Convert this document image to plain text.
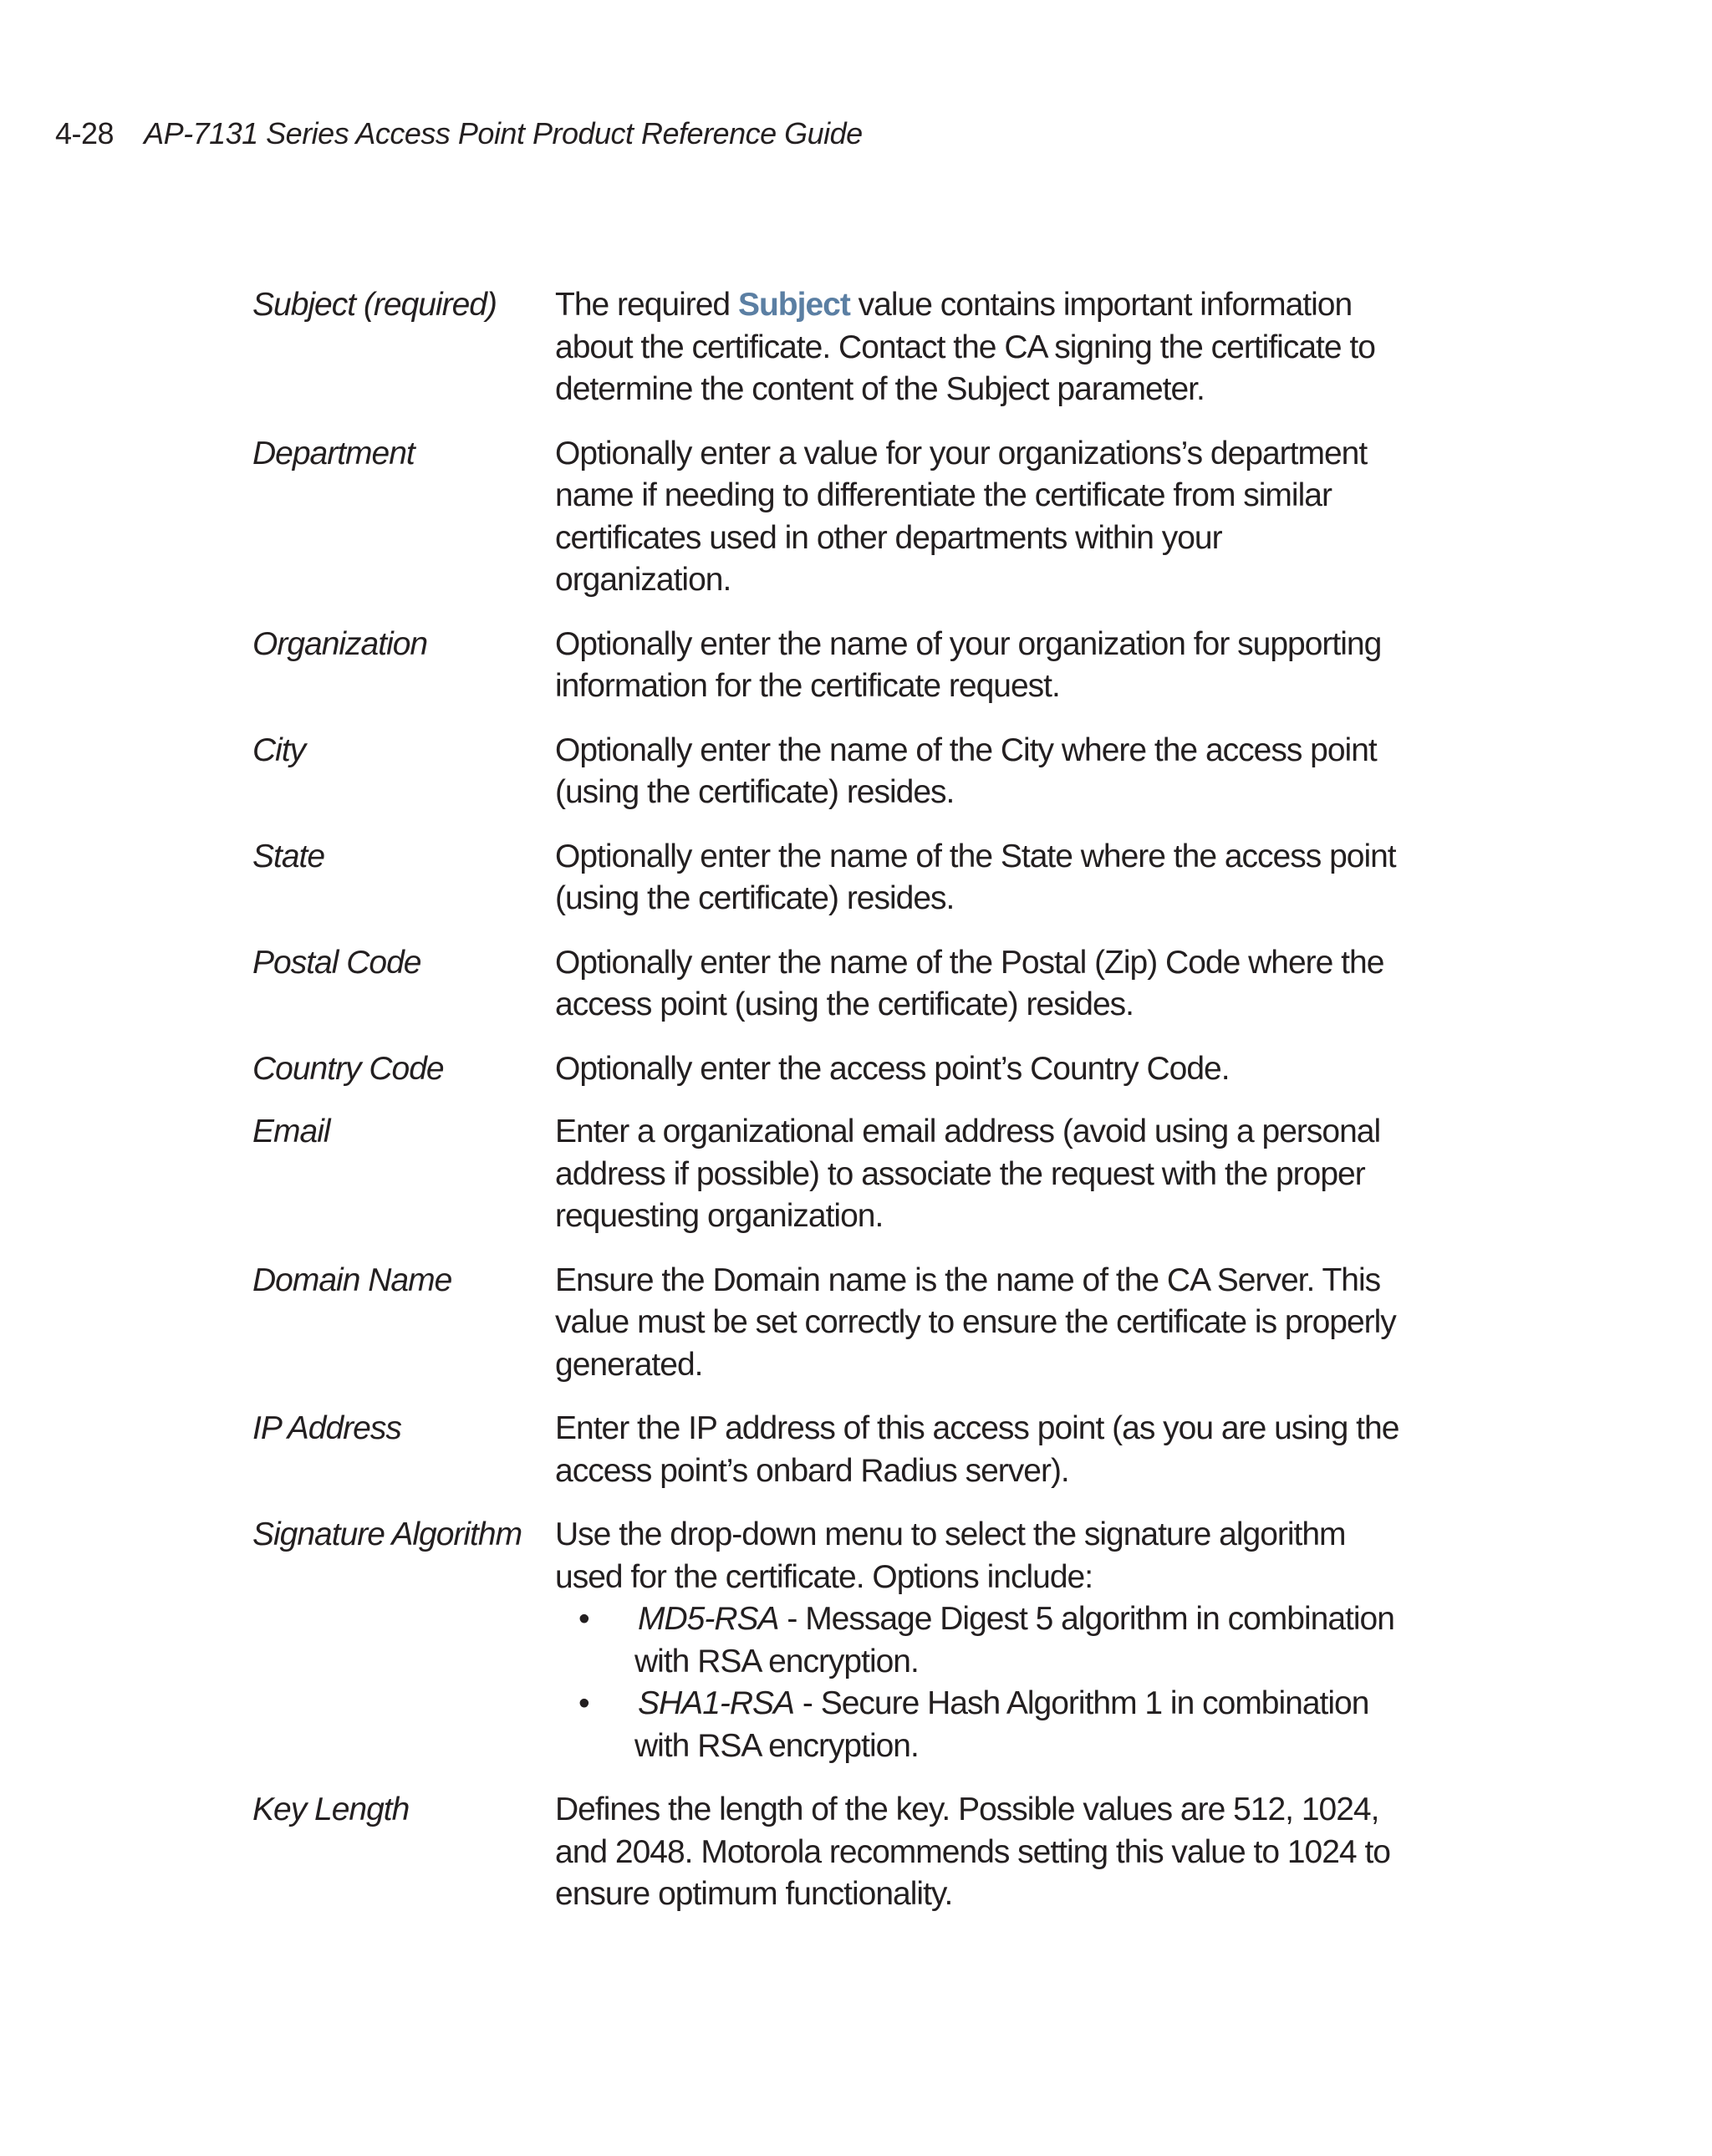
4-28 AP-7131 Series Access Point Product Reference Guide
Subject (required)	The required Subject value contains important information about the certificate. Contact the CA signing the certificate to determine the content of the Subject parameter.

Department	Optionally enter a value for your organizations’s department name if needing to differentiate the certificate from similar certificates used in other departments within your organization.
Organization	Optionally enter the name of your organization for supporting information for the certificate request.
City	Optionally enter the name of the City where the access point (using the certificate) resides.
State	Optionally enter the name of the State where the access point (using the certificate) resides.
Postal Code	Optionally enter the name of the Postal (Zip) Code where the access point (using the certificate) resides.
Country Code	Optionally enter the access point’s Country Code.
Email	Enter a organizational email address (avoid using a personal address if possible) to associate the request with the proper requesting organization.
Domain Name	Ensure the Domain name is the name of the CA Server. This value must be set correctly to ensure the certificate is properly generated.
IP Address	Enter the IP address of this access point (as you are using the access point’s onbard Radius server).
Signature Algorithm	Use the drop-down menu to select the signature algorithm used for the certificate. Options include:

• MD5-RSA - Message Digest 5 algorithm in combination with RSA encryption.
• SHA1-RSA - Secure Hash Algorithm 1 in combination with RSA encryption.
Key Length	Defines the length of the key. Possible values are 512, 1024, and 2048. Motorola recommends setting this value to 1024 to ensure optimum functionality.
